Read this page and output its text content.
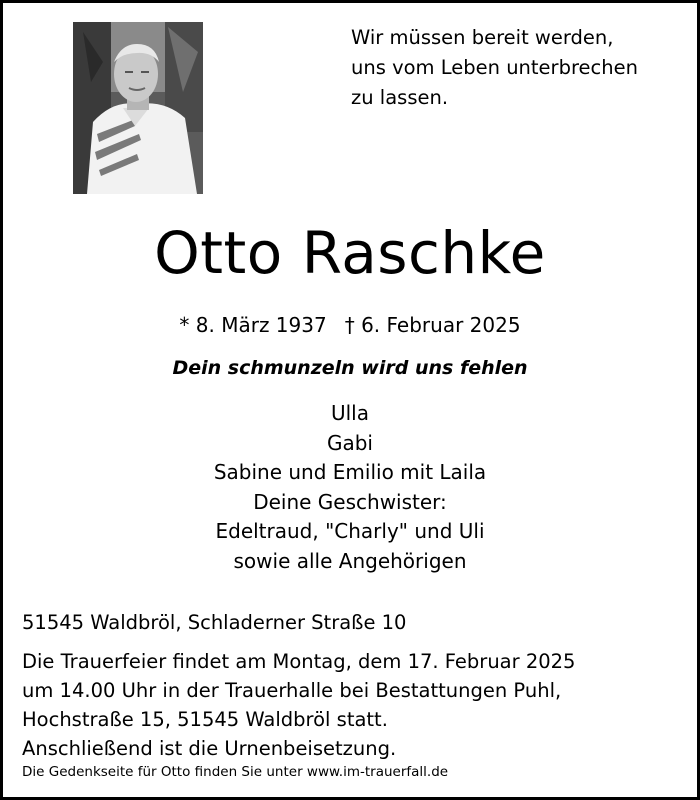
Wir müssen bereit werden,
uns vom Leben unterbrechen
zu lassen.
Otto Raschke
* 8. März 1937 † 6. Februar 2025
Dein schmunzeln wird uns fehlen
Ulla
Gabi
Sabine und Emilio mit Laila
Deine Geschwister:
Edeltraud, "Charly" und Uli
sowie alle Angehörigen
51545 Waldbröl, Schladerner Straße 10
Die Trauerfeier findet am Montag, dem 17. Februar 2025
um 14.00 Uhr in der Trauerhalle bei Bestattungen Puhl,
Hochstraße 15, 51545 Waldbröl statt.
Anschließend ist die Urnenbeisetzung.
Die Gedenkseite für Otto finden Sie unter www.im-trauerfall.de
